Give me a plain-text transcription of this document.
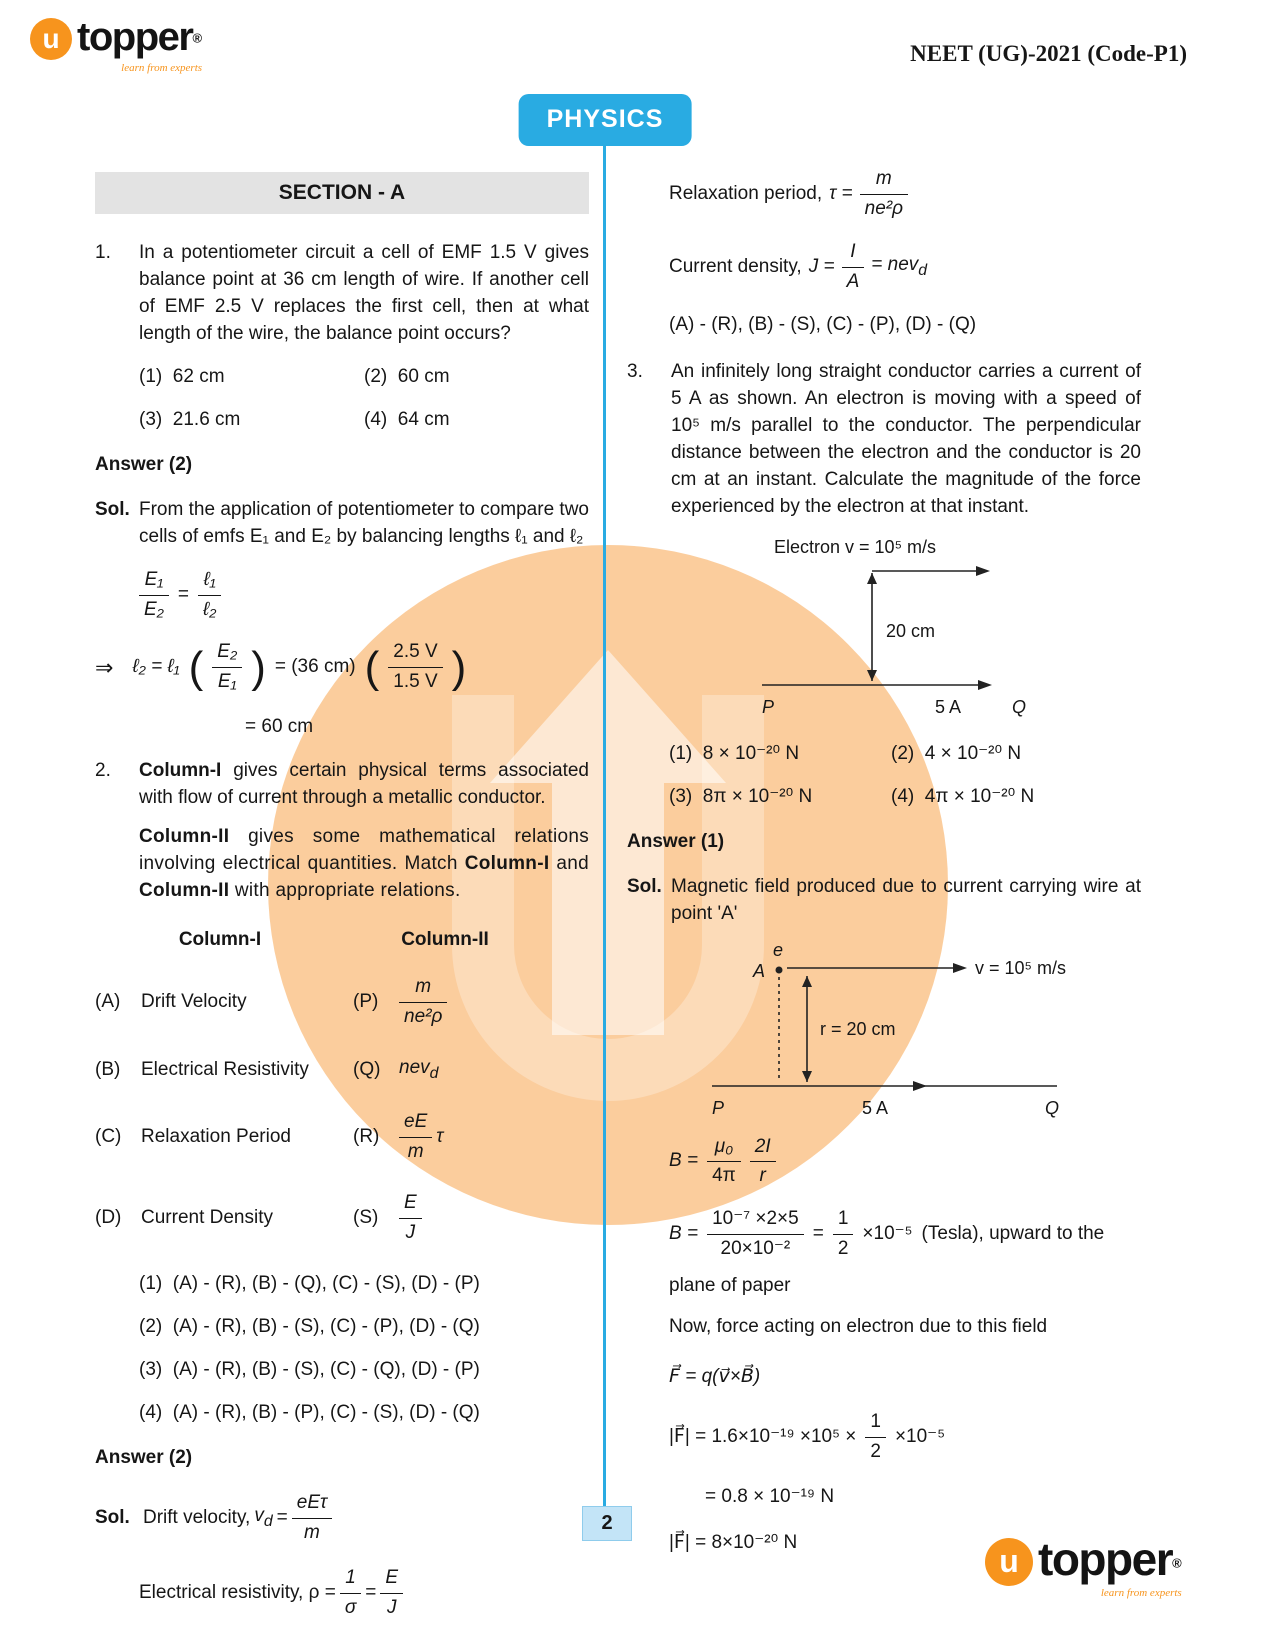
u topper®
learn from experts
NEET (UG)-2021 (Code-P1)
PHYSICS
SECTION - A
1.	In a potentiometer circuit a cell of EMF 1.5 V gives balance point at 36 cm length of wire. If another cell of EMF 2.5 V replaces the first cell, then at what length of the wire, the balance point occurs?
(1)  62 cm	(2)  60 cm
(3)  21.6 cm	(4)  64 cm
Answer (2)
Sol. From the application of potentiometer to compare two cells of emfs E₁ and E₂ by balancing lengths ℓ₁ and ℓ₂
$\frac{\text{E₁}}{\text{E₂}}$ =
ℓ₁
ℓ₂
⇒ ℓ₂ = ℓ₁ ( E₂
E₁ ) = (36 cm) ( 2.5 V
1.5 V )
= 60 cm
2.	Column-I gives certain physical terms associated with flow of current through a metallic conductor.
Column-II gives some mathematical relations involving electrical quantities. Match Column-I and Column-II with appropriate relations.
Column-I	Column-II
(A)	Drift Velocity	(P)
m
ne²ρ
(B)	Electrical Resistivity	(Q) nev$_d$
(C)	Relaxation Period	(R)
eE
m
τ
(D)	Current Density	(S)
E
J
(1)  (A) - (R), (B) - (Q), (C) - (S), (D) - (P)
(2)  (A) - (R), (B) - (S), (C) - (P), (D) - (Q)
(3)  (A) - (R), (B) - (S), (C) - (Q), (D) - (P)
(4)  (A) - (R), (B) - (P), (C) - (S), (D) - (Q)
Answer (2)
Sol. Drift velocity, $v_d$ =
eEτ
m
Electrical resistivity, $\rho = \frac{1}{\sigma} = \frac{E}{J}$
Relaxation period, $\tau = \frac{m}{\text{ne²ρ}}$
Current density, $J = \frac{I}{A} = nev_d$
(A) - (R), (B) - (S), (C) - (P), (D) - (Q)
3.	An infinitely long straight conductor carries a current of 5 A as shown. An electron is moving with a speed of 10⁵ m/s parallel to the conductor. The perpendicular distance between the electron and the conductor is 20 cm at an instant. Calculate the magnitude of the force experienced by the electron at that instant.
Electron v = 10⁵ m/s
20 cm
P	5 A	Q
(1)  8 × 10⁻²⁰ N	(2)  4 × 10⁻²⁰ N
(3)  8π × 10⁻²⁰ N	(4)  4π × 10⁻²⁰ N
Answer (1)
Sol. Magnetic field produced due to current carrying wire at point 'A'
e
A	v = 10⁵ m/s
r = 20 cm
P	5 A	Q
$B = \frac{\text{μ₀}}{4\pi} 2I$
r
$B = \frac{\text{10⁻⁷ ×2×5}}{\text{20×10⁻²}} = \frac{1}{2} \times 10^{-5}$ (Tesla), upward to the
plane of paper
Now, force acting on electron due to this field
F⃗ = q(v⃗×B⃗)
|F⃗| = $1.6\times 10^{-19} \times 10^5 \times \frac{1}{2} \times 10^{-5}$
= 0.8 × 10⁻¹⁹ N
|F⃗| = 8×10⁻²⁰ N
2
u topper®
learn from experts
